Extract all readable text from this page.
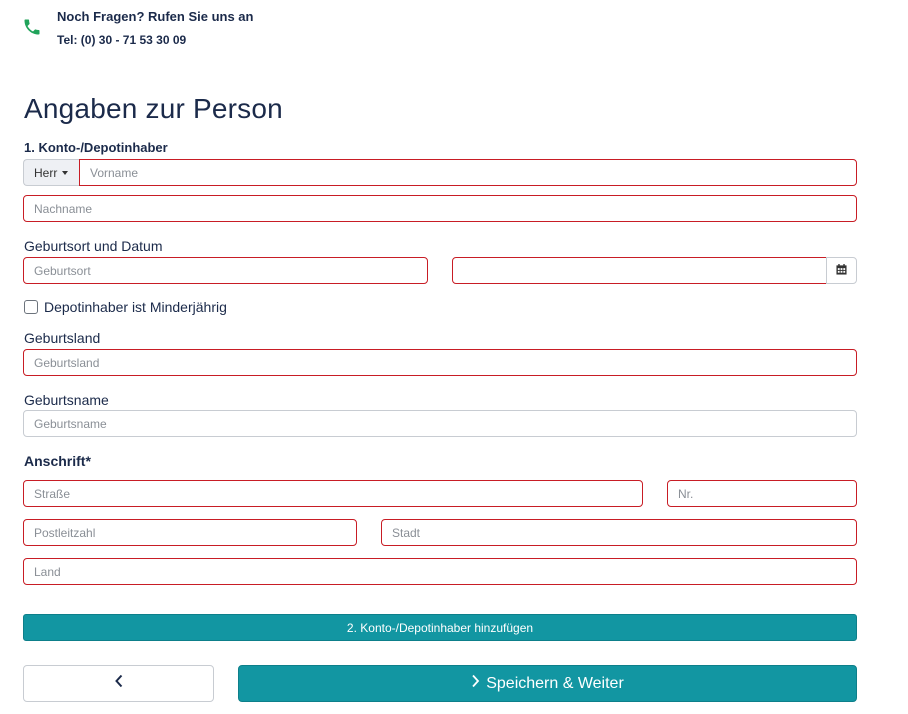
Noch Fragen? Rufen Sie uns an
Tel: (0) 30 - 71 53 30 09
Angaben zur Person
1. Konto-/Depotinhaber
Herr
Vorname
Nachname
Geburtsort und Datum
Geburtsort
Depotinhaber ist Minderjährig
Geburtsland
Geburtsland
Geburtsname
Geburtsname
Anschrift*
Straße
Nr.
Postleitzahl
Stadt
Land
2. Konto-/Depotinhaber hinzufügen
Speichern & Weiter
